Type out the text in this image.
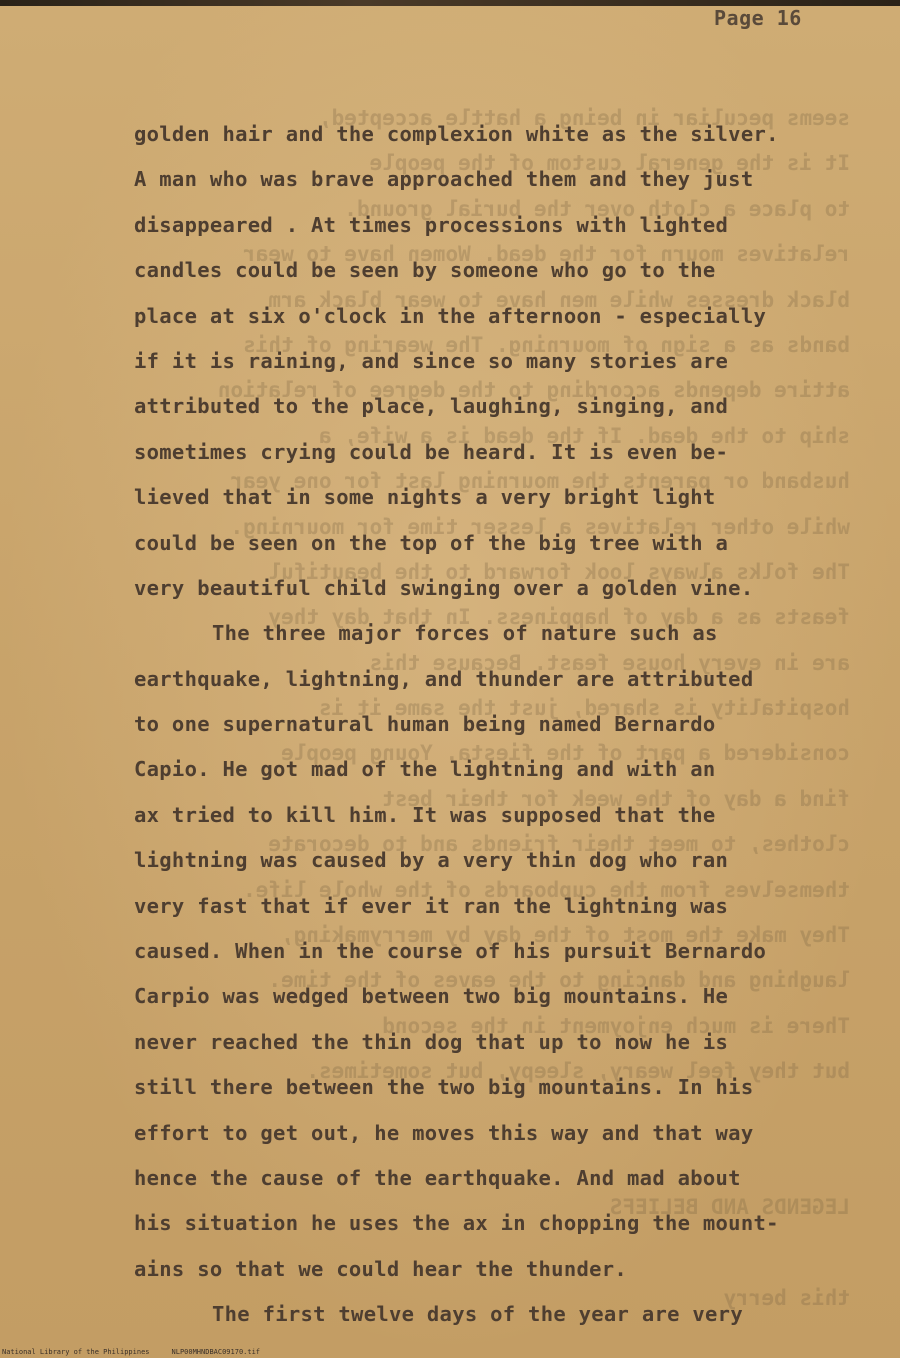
Page 16
seems peculiar in being a hattle accepted,
It is the general custom of the people
to place a cloth over the burial ground.
relatives mourn for the dead. Women have to wear
black dresses while men have to wear black arm
bands as a sign of mourning. The wearing of this
attire depends according to the degree of relation
ship to the dead. If the dead is a wife, a
husband or parents the mourning last for one year
while other relatives a lesser time for mourning.
The folks always look forward to the beautiful
feasts as a day of happiness. In that day they
are in every house feast. Because this
hospitality is shared, just the same it is
considered a part of the fiesta. Young people
find a day of the week for their best
clothes, to meet their friends and to decorate
themselves from the cupboards of the whole life.
They make the most of the day by merrymaking,
laughing and dancing to the eaves of the time.
There is much enjoyment in the second
but they feel weary, sleepy, but sometimes.
LEGENDS AND BELIEFS
this berry
golden hair and the complexion white as the silver.
A man who was brave approached them and they just
disappeared . At times processions with lighted
candles could be seen by someone who go to the
place at six o'clock in the afternoon - especially
if it is raining, and since so many stories are
attributed to the place, laughing, singing, and
sometimes crying could be heard. It is even be-
lieved that in some nights a very bright light
could be seen on the top of the big tree with a
very beautiful child swinging over a golden vine.
The three major forces of nature such as
earthquake, lightning, and thunder are attributed
to one supernatural human being named Bernardo
Capio. He got mad of the lightning and with an
ax tried to kill him. It was supposed that the
lightning was caused by a very thin dog who ran
very fast that if ever it ran the lightning was
caused. When in the course of his pursuit Bernardo
Carpio was wedged between two big mountains. He
never reached the thin dog that up to now he is
still there between the two big mountains. In his
effort to get out, he moves this way and that way
hence the cause of the earthquake. And mad about
his situation he uses the ax in chopping the mount-
ains so that we could hear the thunder.
The first twelve days of the year are very
National Library of the Philippines	NLP00MHNDBAC09170.tif
